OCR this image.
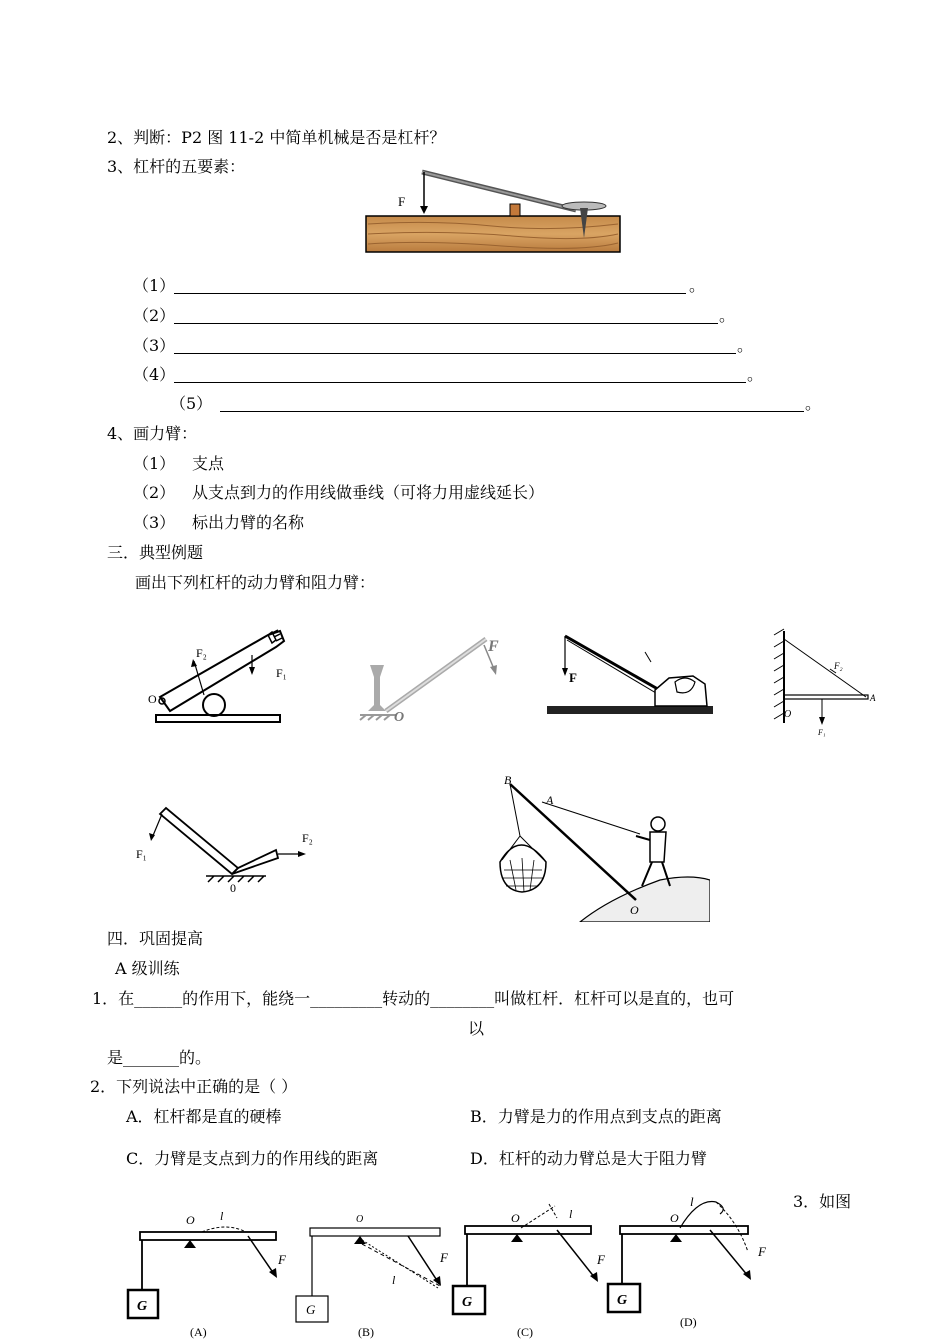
2、判断：P2 图 11-2 中简单机械是否是杠杆？
3、杠杆的五要素：
F
（1）	。
（2）	。
（3）	。
（4）	。
（5）	。
4、画力臂：
（1） 支点
（2） 从支点到力的作用线做垂线（可将力用虚线延长）
（3） 标出力臂的名称
三．典型例题
画出下列杠杆的动力臂和阻力臂：
F₂
F₁
O
F
O
F
F₂
A
O
F₁
F₁
F₂
0
B
A
O
四．巩固提高
A 级训练
1．在______的作用下，能绕一_________转动的________叫做杠杆．杠杆可以是直的，也可
以
是_______的。
2．下列说法中正确的是（ ）
A．杠杆都是直的硬棒	B．力臂是力的作用点到支点的距离
C．力臂是支点到力的作用线的距离	D．杠杆的动力臂总是大于阻力臂
3．如图
G
O l
F
(A)
G
O
l
F
(B)
G
O	l
F
(C)
G
O
l
F
(D)
